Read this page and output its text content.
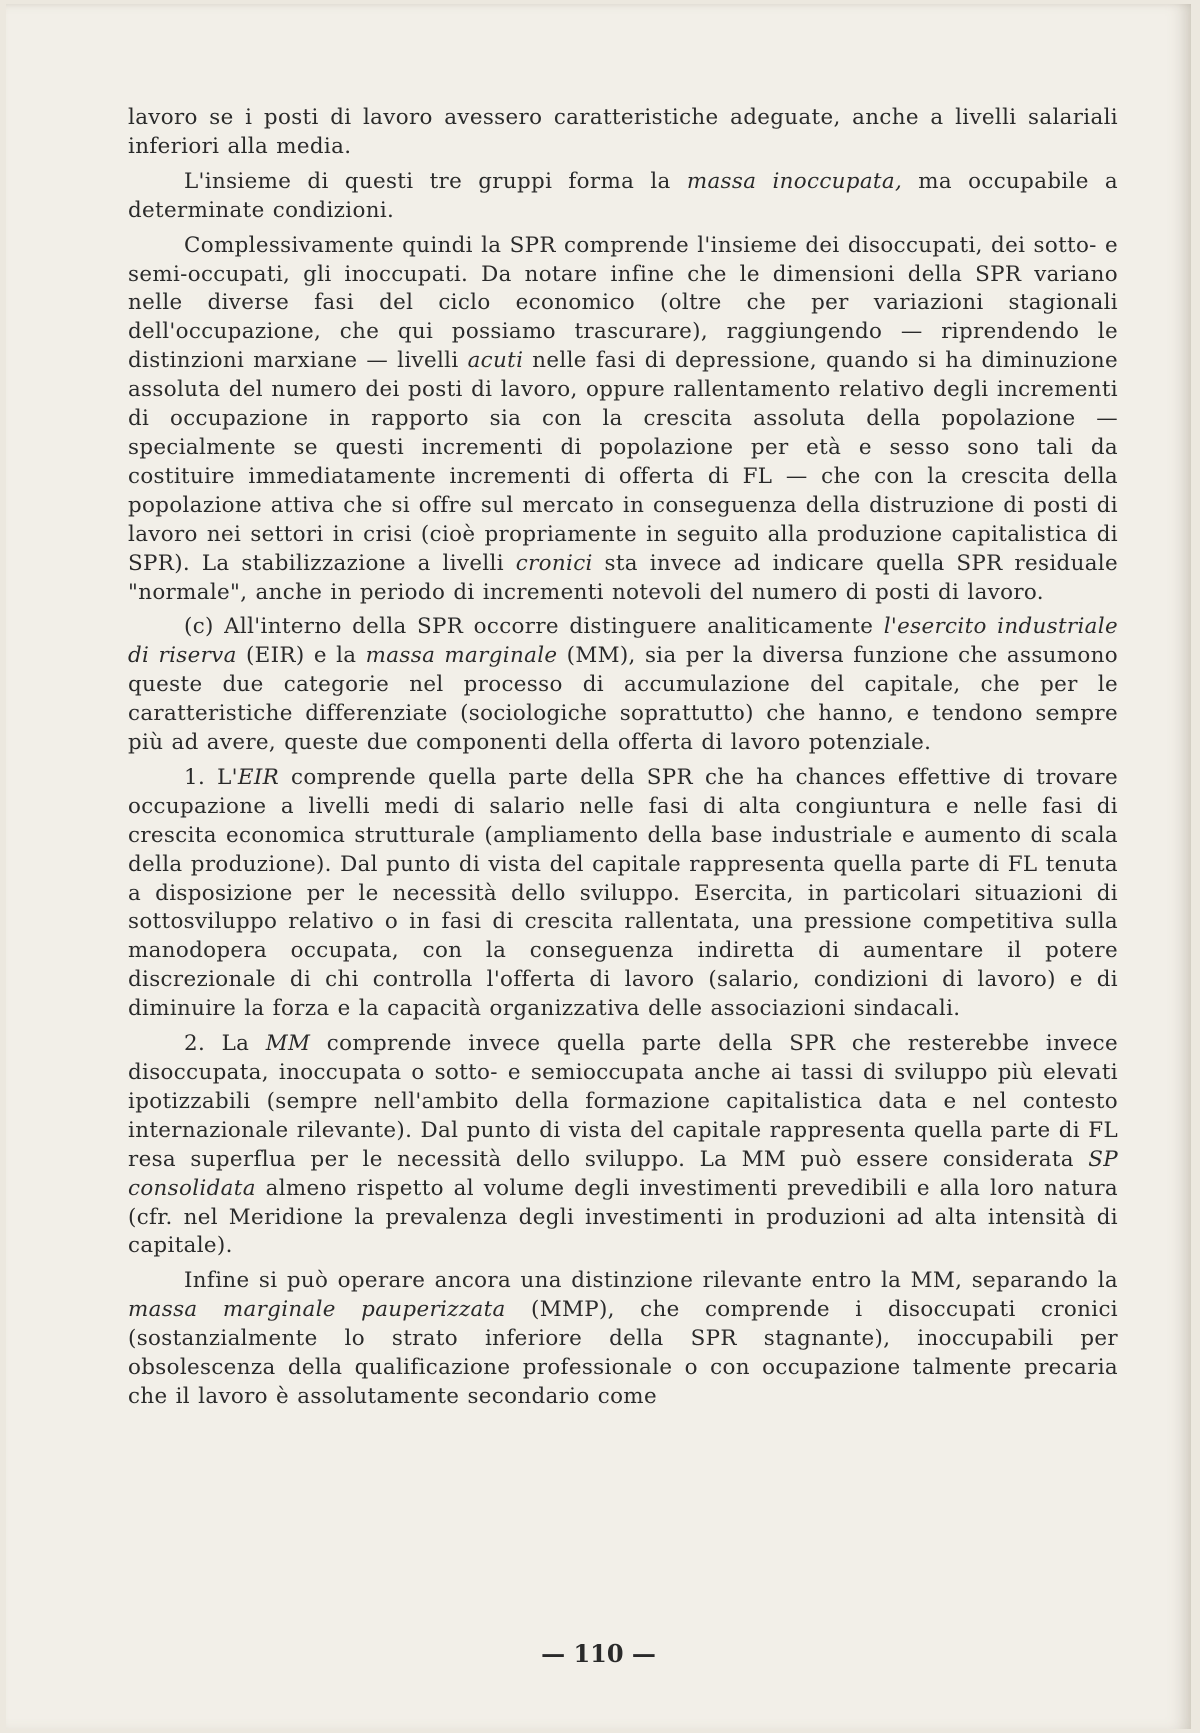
lavoro se i posti di lavoro avessero caratteristiche adeguate, anche a livelli salariali inferiori alla media.

L'insieme di questi tre gruppi forma la massa inoccupata, ma occupabile a determinate condizioni.

Complessivamente quindi la SPR comprende l'insieme dei disoccupati, dei sotto- e semi-occupati, gli inoccupati. Da notare infine che le dimensioni della SPR variano nelle diverse fasi del ciclo economico (oltre che per variazioni stagionali dell'occupazione, che qui possiamo trascurare), raggiungendo — riprendendo le distinzioni marxiane — livelli acuti nelle fasi di depressione, quando si ha diminuzione assoluta del numero dei posti di lavoro, oppure rallentamento relativo degli incrementi di occupazione in rapporto sia con la crescita assoluta della popolazione — specialmente se questi incrementi di popolazione per età e sesso sono tali da costituire immediatamente incrementi di offerta di FL — che con la crescita della popolazione attiva che si offre sul mercato in conseguenza della distruzione di posti di lavoro nei settori in crisi (cioè propriamente in seguito alla produzione capitalistica di SPR). La stabilizzazione a livelli cronici sta invece ad indicare quella SPR residuale "normale", anche in periodo di incrementi notevoli del numero di posti di lavoro.

(c) All'interno della SPR occorre distinguere analiticamente l'esercito industriale di riserva (EIR) e la massa marginale (MM), sia per la diversa funzione che assumono queste due categorie nel processo di accumulazione del capitale, che per le caratteristiche differenziate (sociologiche soprattutto) che hanno, e tendono sempre più ad avere, queste due componenti della offerta di lavoro potenziale.

1. L'EIR comprende quella parte della SPR che ha chances effettive di trovare occupazione a livelli medi di salario nelle fasi di alta congiuntura e nelle fasi di crescita economica strutturale (ampliamento della base industriale e aumento di scala della produzione). Dal punto di vista del capitale rappresenta quella parte di FL tenuta a disposizione per le necessità dello sviluppo. Esercita, in particolari situazioni di sottosviluppo relativo o in fasi di crescita rallentata, una pressione competitiva sulla manodopera occupata, con la conseguenza indiretta di aumentare il potere discrezionale di chi controlla l'offerta di lavoro (salario, condizioni di lavoro) e di diminuire la forza e la capacità organizzativa delle associazioni sindacali.

2. La MM comprende invece quella parte della SPR che resterebbe invece disoccupata, inoccupata o sotto- e semioccupata anche ai tassi di sviluppo più elevati ipotizzabili (sempre nell'ambito della formazione capitalistica data e nel contesto internazionale rilevante). Dal punto di vista del capitale rappresenta quella parte di FL resa superflua per le necessità dello sviluppo. La MM può essere considerata SP consolidata almeno rispetto al volume degli investimenti prevedibili e alla loro natura (cfr. nel Meridione la prevalenza degli investimenti in produzioni ad alta intensità di capitale).

Infine si può operare ancora una distinzione rilevante entro la MM, separando la massa marginale pauperizzata (MMP), che comprende i disoccupati cronici (sostanzialmente lo strato inferiore della SPR stagnante), inoccupabili per obsolescenza della qualificazione professionale o con occupazione talmente precaria che il lavoro è assolutamente secondario come

— 110 —
